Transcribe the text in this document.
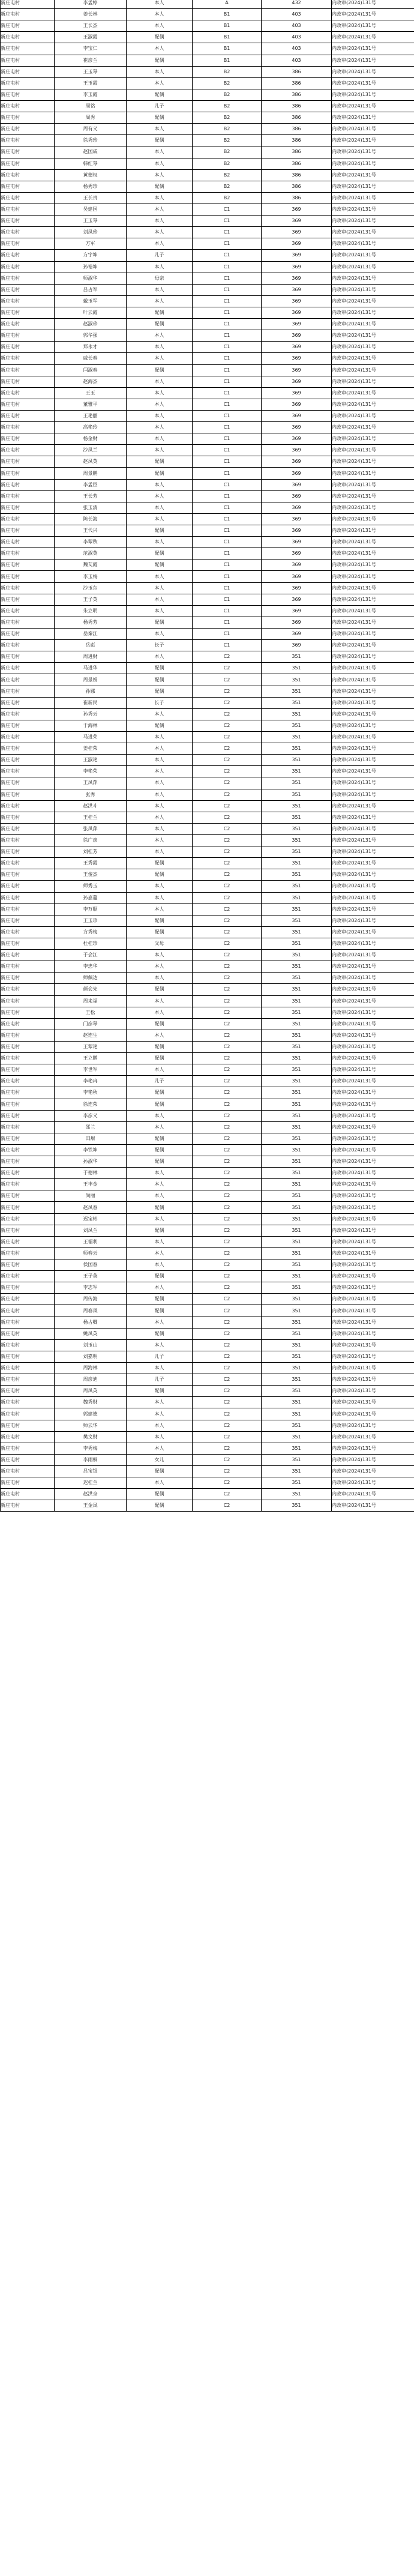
新庄屯村	李孟婷	本人	A	432	内政审(2024)131号
新庄屯村	姜长林	本人	B1	403	内政审(2024)131号
新庄屯村	王长杰	本人	B1	403	内政审(2024)131号
新庄屯村	王淑霞	配偶	B1	403	内政审(2024)131号
新庄屯村	李宝仁	本人	B1	403	内政审(2024)131号
新庄屯村	崔彦兰	配偶	B1	403	内政审(2024)131号
新庄屯村	王玉琴	本人	B2	386	内政审(2024)131号
新庄屯村	王玉霞	本人	B2	386	内政审(2024)131号
新庄屯村	李玉霞	配偶	B2	386	内政审(2024)131号
新庄屯村	周铭	儿子	B2	386	内政审(2024)131号
新庄屯村	周秀	配偶	B2	386	内政审(2024)131号
新庄屯村	周有义	本人	B2	386	内政审(2024)131号
新庄屯村	徐秀珍	配偶	B2	386	内政审(2024)131号
新庄屯村	赵国成	本人	B2	386	内政审(2024)131号
新庄屯村	韩红琴	本人	B2	386	内政审(2024)131号
新庄屯村	黄德权	本人	B2	386	内政审(2024)131号
新庄屯村	杨秀珍	配偶	B2	386	内政审(2024)131号
新庄屯村	王长贵	本人	B2	386	内政审(2024)131号
新庄屯村	吴建国	本人	C1	369	内政审(2024)131号
新庄屯村	王玉琴	本人	C1	369	内政审(2024)131号
新庄屯村	刘凤珍	本人	C1	369	内政审(2024)131号
新庄屯村	方军	本人	C1	369	内政审(2024)131号
新庄屯村	方宇坤	儿子	C1	369	内政审(2024)131号
新庄屯村	孙裕坤	本人	C1	369	内政审(2024)131号
新庄屯村	师淑华	母亲	C1	369	内政审(2024)131号
新庄屯村	吕占军	本人	C1	369	内政审(2024)131号
新庄屯村	戴玉军	本人	C1	369	内政审(2024)131号
新庄屯村	叶云霞	配偶	C1	369	内政审(2024)131号
新庄屯村	赵淑珍	配偶	C1	369	内政审(2024)131号
新庄屯村	郭华强	本人	C1	369	内政审(2024)131号
新庄屯村	郑永才	本人	C1	369	内政审(2024)131号
新庄屯村	戚长春	本人	C1	369	内政审(2024)131号
新庄屯村	闫淑春	配偶	C1	369	内政审(2024)131号
新庄屯村	赵海杰	本人	C1	369	内政审(2024)131号
新庄屯村	王玉	本人	C1	369	内政审(2024)131号
新庄屯村	董雅平	本人	C1	369	内政审(2024)131号
新庄屯村	王艳丽	本人	C1	369	内政审(2024)131号
新庄屯村	高艳玲	本人	C1	369	内政审(2024)131号
新庄屯村	杨金财	本人	C1	369	内政审(2024)131号
新庄屯村	沙凤兰	本人	C1	369	内政审(2024)131号
新庄屯村	赵凤英	配偶	C1	369	内政审(2024)131号
新庄屯村	周景鹏	配偶	C1	369	内政审(2024)131号
新庄屯村	李孟臣	本人	C1	369	内政审(2024)131号
新庄屯村	王长芳	本人	C1	369	内政审(2024)131号
新庄屯村	张玉清	本人	C1	369	内政审(2024)131号
新庄屯村	陈长海	本人	C1	369	内政审(2024)131号
新庄屯村	王代兴	配偶	C1	369	内政审(2024)131号
新庄屯村	李翠秋	本人	C1	369	内政审(2024)131号
新庄屯村	范淑英	配偶	C1	369	内政审(2024)131号
新庄屯村	魏艾霞	配偶	C1	369	内政审(2024)131号
新庄屯村	李玉梅	本人	C1	369	内政审(2024)131号
新庄屯村	沙玉东	本人	C1	369	内政审(2024)131号
新庄屯村	王子英	本人	C1	369	内政审(2024)131号
新庄屯村	朱立明	本人	C1	369	内政审(2024)131号
新庄屯村	杨秀芳	配偶	C1	369	内政审(2024)131号
新庄屯村	岳秦江	本人	C1	369	内政审(2024)131号
新庄屯村	岳彪	长子	C1	369	内政审(2024)131号
新庄屯村	周进财	本人	C2	351	内政审(2024)131号
新庄屯村	马进华	配偶	C2	351	内政审(2024)131号
新庄屯村	周景娟	配偶	C2	351	内政审(2024)131号
新庄屯村	孙娜	配偶	C2	351	内政审(2024)131号
新庄屯村	崔新民	长子	C2	351	内政审(2024)131号
新庄屯村	孙秀云	本人	C2	351	内政审(2024)131号
新庄屯村	于海林	配偶	C2	351	内政审(2024)131号
新庄屯村	马进荣	本人	C2	351	内政审(2024)131号
新庄屯村	姜桂荣	本人	C2	351	内政审(2024)131号
新庄屯村	王淑艳	本人	C2	351	内政审(2024)131号
新庄屯村	李艳荣	本人	C2	351	内政审(2024)131号
新庄屯村	王凤萍	本人	C2	351	内政审(2024)131号
新庄屯村	张秀	本人	C2	351	内政审(2024)131号
新庄屯村	赵洪斗	本人	C2	351	内政审(2024)131号
新庄屯村	王桂兰	本人	C2	351	内政审(2024)131号
新庄屯村	张凤萍	本人	C2	351	内政审(2024)131号
新庄屯村	徐广彦	本人	C2	351	内政审(2024)131号
新庄屯村	刘桂芳	本人	C2	351	内政审(2024)131号
新庄屯村	王秀霞	配偶	C2	351	内政审(2024)131号
新庄屯村	王俊杰	配偶	C2	351	内政审(2024)131号
新庄屯村	师秀玉	本人	C2	351	内政审(2024)131号
新庄屯村	孙嘉蔓	本人	C2	351	内政审(2024)131号
新庄屯村	李万顺	本人	C2	351	内政审(2024)131号
新庄屯村	王玉珍	配偶	C2	351	内政审(2024)131号
新庄屯村	方秀梅	配偶	C2	351	内政审(2024)131号
新庄屯村	杜桂珍	父母	C2	351	内政审(2024)131号
新庄屯村	于会江	本人	C2	351	内政审(2024)131号
新庄屯村	李忠华	本人	C2	351	内政审(2024)131号
新庄屯村	师佩达	本人	C2	351	内政审(2024)131号
新庄屯村	颜会先	配偶	C2	351	内政审(2024)131号
新庄屯村	周来福	本人	C2	351	内政审(2024)131号
新庄屯村	王松	本人	C2	351	内政审(2024)131号
新庄屯村	门彦琴	配偶	C2	351	内政审(2024)131号
新庄屯村	赵连生	本人	C2	351	内政审(2024)131号
新庄屯村	王翠艳	配偶	C2	351	内政审(2024)131号
新庄屯村	王立鹏	配偶	C2	351	内政审(2024)131号
新庄屯村	李世军	本人	C2	351	内政审(2024)131号
新庄屯村	李艳冉	儿子	C2	351	内政审(2024)131号
新庄屯村	李艳秋	配偶	C2	351	内政审(2024)131号
新庄屯村	徐连荣	配偶	C2	351	内政审(2024)131号
新庄屯村	李彦义	本人	C2	351	内政审(2024)131号
新庄屯村	邵兰	本人	C2	351	内政审(2024)131号
新庄屯村	田甜	配偶	C2	351	内政审(2024)131号
新庄屯村	李铁坤	配偶	C2	351	内政审(2024)131号
新庄屯村	孙淑华	配偶	C2	351	内政审(2024)131号
新庄屯村	于德林	本人	C2	351	内政审(2024)131号
新庄屯村	王丰金	本人	C2	351	内政审(2024)131号
新庄屯村	尚丽	本人	C2	351	内政审(2024)131号
新庄屯村	赵凤春	配偶	C2	351	内政审(2024)131号
新庄屯村	迟宝彬	本人	C2	351	内政审(2024)131号
新庄屯村	刘凤兰	配偶	C2	351	内政审(2024)131号
新庄屯村	王福利	本人	C2	351	内政审(2024)131号
新庄屯村	师春云	本人	C2	351	内政审(2024)131号
新庄屯村	侯国春	本人	C2	351	内政审(2024)131号
新庄屯村	王子英	配偶	C2	351	内政审(2024)131号
新庄屯村	李志军	本人	C2	351	内政审(2024)131号
新庄屯村	周传海	配偶	C2	351	内政审(2024)131号
新庄屯村	周春凤	配偶	C2	351	内政审(2024)131号
新庄屯村	杨占卿	本人	C2	351	内政审(2024)131号
新庄屯村	姚凤英	配偶	C2	351	内政审(2024)131号
新庄屯村	刘玉山	本人	C2	351	内政审(2024)131号
新庄屯村	刘嘉明	儿子	C2	351	内政审(2024)131号
新庄屯村	周海林	本人	C2	351	内政审(2024)131号
新庄屯村	周彦迪	儿子	C2	351	内政审(2024)131号
新庄屯村	周凤英	配偶	C2	351	内政审(2024)131号
新庄屯村	魏秀财	本人	C2	351	内政审(2024)131号
新庄屯村	郭建德	本人	C2	351	内政审(2024)131号
新庄屯村	师云华	本人	C2	351	内政审(2024)131号
新庄屯村	樊文财	本人	C2	351	内政审(2024)131号
新庄屯村	李秀梅	本人	C2	351	内政审(2024)131号
新庄屯村	李雨桐	女儿	C2	351	内政审(2024)131号
新庄屯村	吕宝银	配偶	C2	351	内政审(2024)131号
新庄屯村	迟桂兰	本人	C2	351	内政审(2024)131号
新庄屯村	赵洪全	配偶	C2	351	内政审(2024)131号
新庄屯村	王金凤	配偶	C2	351	内政审(2024)131号
